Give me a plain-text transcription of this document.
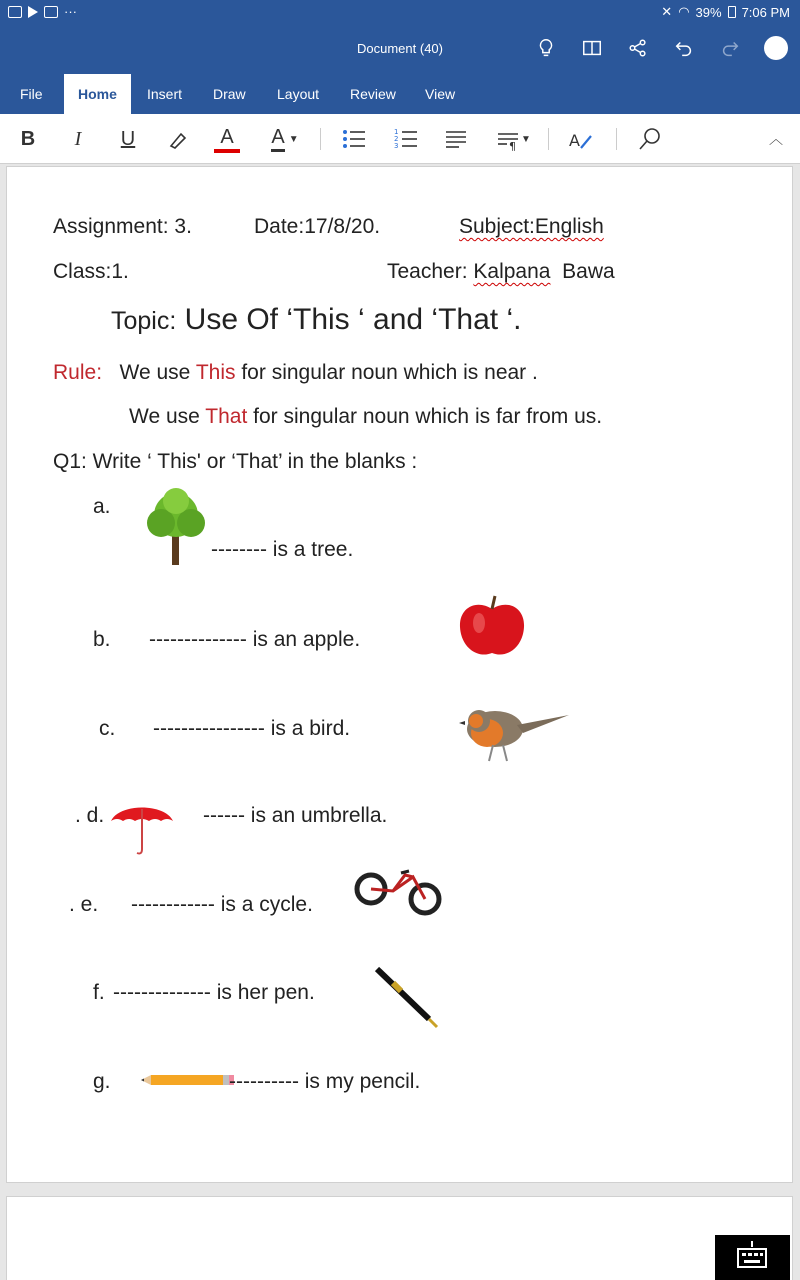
···	✕ ◠ 39% 7:06 PM
Document (40)
File	Home	Insert	Draw	Layout	Review	View
B	I	U	A A ▼
1
2
3	¶
▼ A	︿
Assignment: 3.	Date:17/8/20.	Subject:English
Class:1.	Teacher: Kalpana Bawa
Topic: Use Of ‘This ‘ and ‘That ‘.
Rule: We use This for singular noun which is near .
We use That for singular noun which is far from us.
Q1: Write ‘ This' or ‘That’ in the blanks :
a.
-------- is a tree.
b. -------------- is an apple.
c. ---------------- is a bird.
. d.	------ is an umbrella.
. e. ------------ is a cycle.
f. -------------- is her pen.
g.	---------- is my pencil.
